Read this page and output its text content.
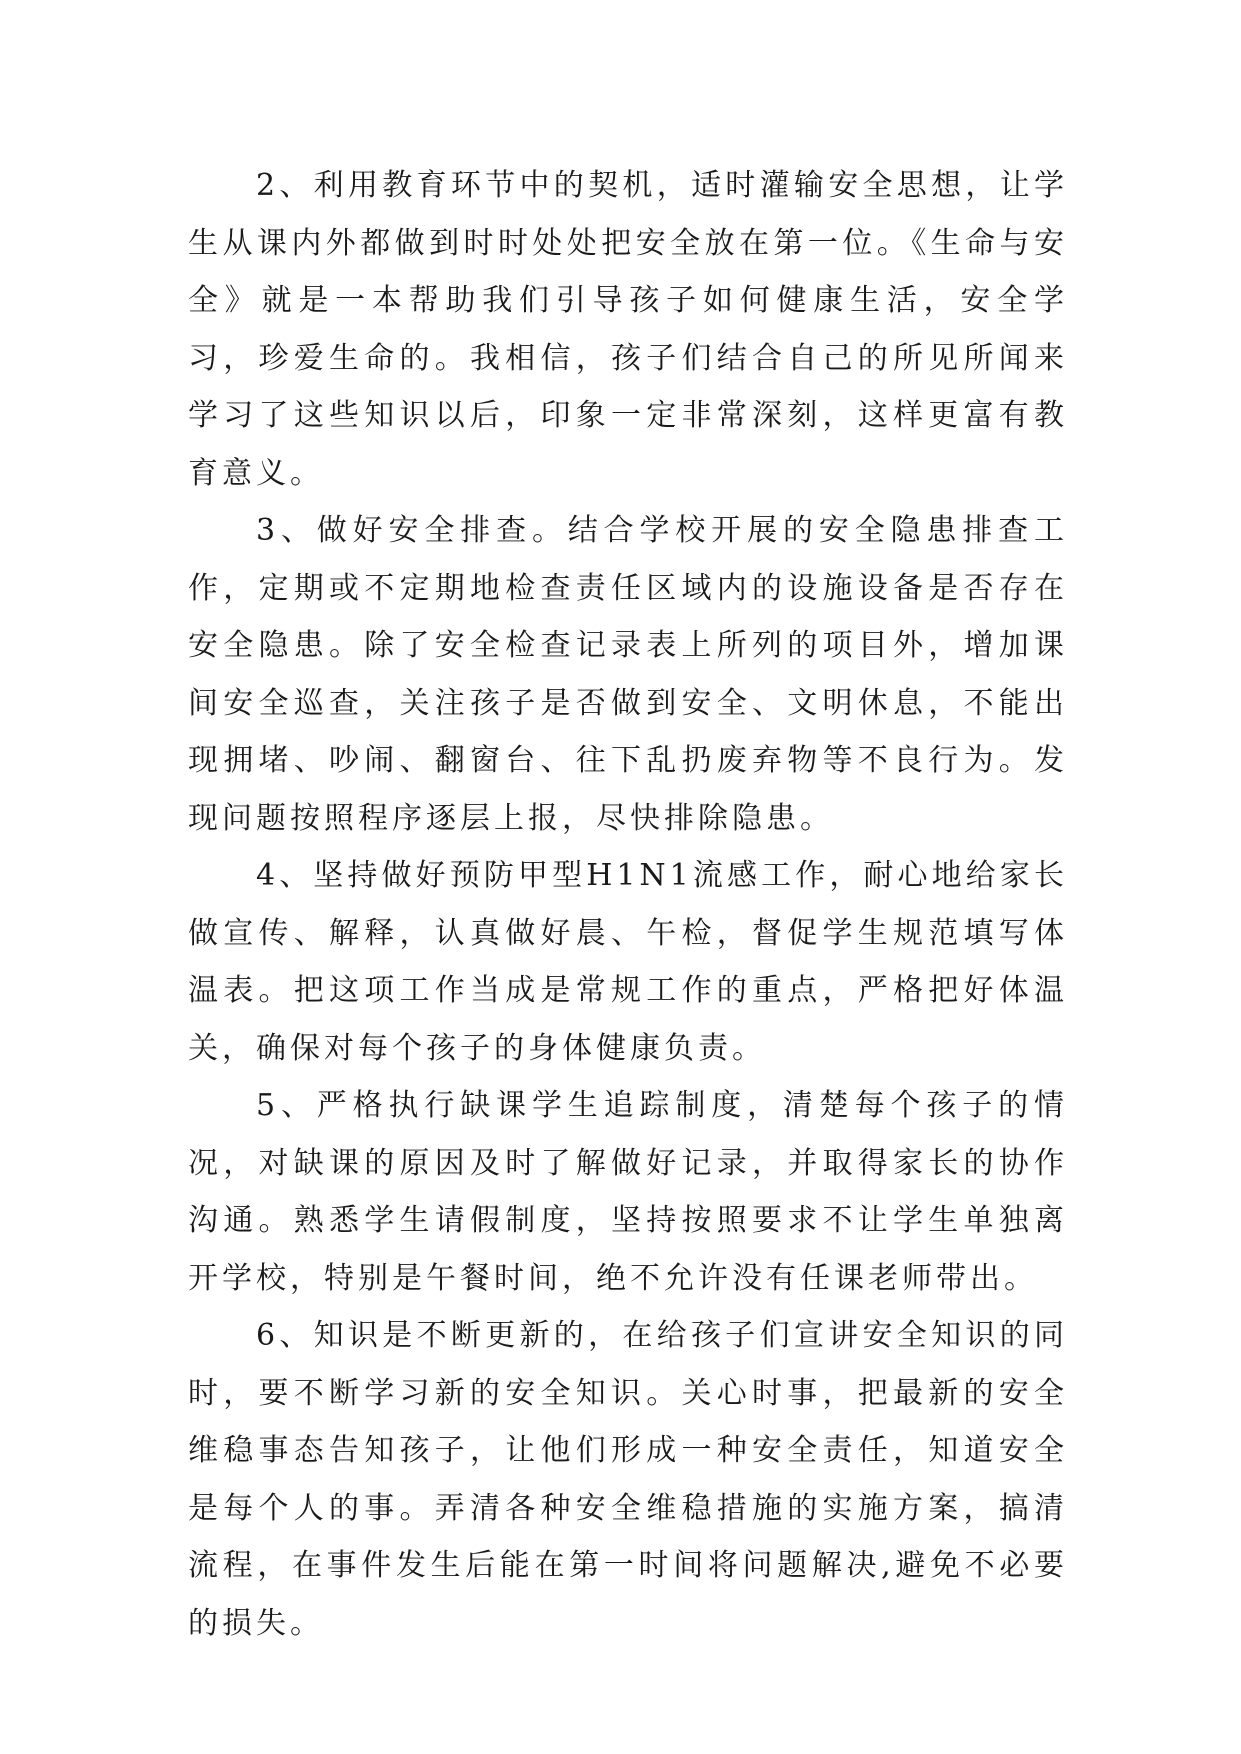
2、利用教育环节中的契机，适时灌输安全思想，让学生从课内外都做到时时处处把安全放在第一位。《生命与安全》就是一本帮助我们引导孩子如何健康生活，安全学习，珍爱生命的。我相信，孩子们结合自己的所见所闻来学习了这些知识以后，印象一定非常深刻，这样更富有教育意义。

3、做好安全排查。结合学校开展的安全隐患排查工作，定期或不定期地检查责任区域内的设施设备是否存在安全隐患。除了安全检查记录表上所列的项目外，增加课间安全巡查，关注孩子是否做到安全、文明休息，不能出现拥堵、吵闹、翻窗台、往下乱扔废弃物等不良行为。发现问题按照程序逐层上报，尽快排除隐患。

4、坚持做好预防甲型H1N1流感工作，耐心地给家长做宣传、解释，认真做好晨、午检，督促学生规范填写体温表。把这项工作当成是常规工作的重点，严格把好体温关，确保对每个孩子的身体健康负责。

5、严格执行缺课学生追踪制度，清楚每个孩子的情况，对缺课的原因及时了解做好记录，并取得家长的协作沟通。熟悉学生请假制度，坚持按照要求不让学生单独离开学校，特别是午餐时间，绝不允许没有任课老师带出。

6、知识是不断更新的，在给孩子们宣讲安全知识的同时，要不断学习新的安全知识。关心时事，把最新的安全维稳事态告知孩子，让他们形成一种安全责任，知道安全是每个人的事。弄清各种安全维稳措施的实施方案，搞清流程，在事件发生后能在第一时间将问题解决,避免不必要的损失。
